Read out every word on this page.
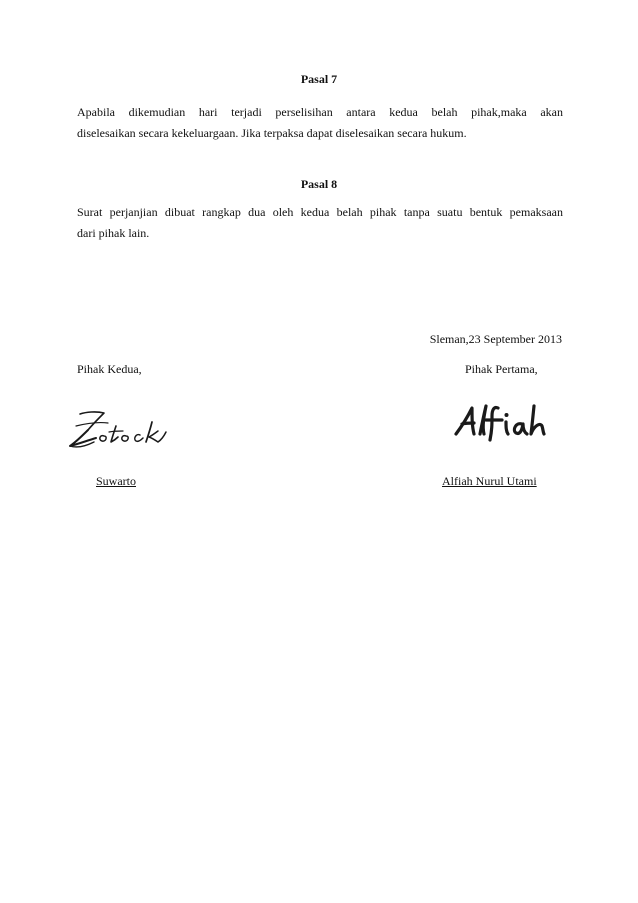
Pasal 7
Apabila dikemudian hari terjadi perselisihan antara kedua belah pihak,maka akan
diselesaikan secara kekeluargaan. Jika terpaksa dapat diselesaikan secara hukum.
Pasal 8
Surat perjanjian dibuat rangkap dua oleh kedua belah pihak tanpa suatu bentuk pemaksaan
dari pihak lain.
Sleman,23 September 2013
Pihak Kedua,	Pihak Pertama,
Suwarto	Alfiah Nurul Utami
